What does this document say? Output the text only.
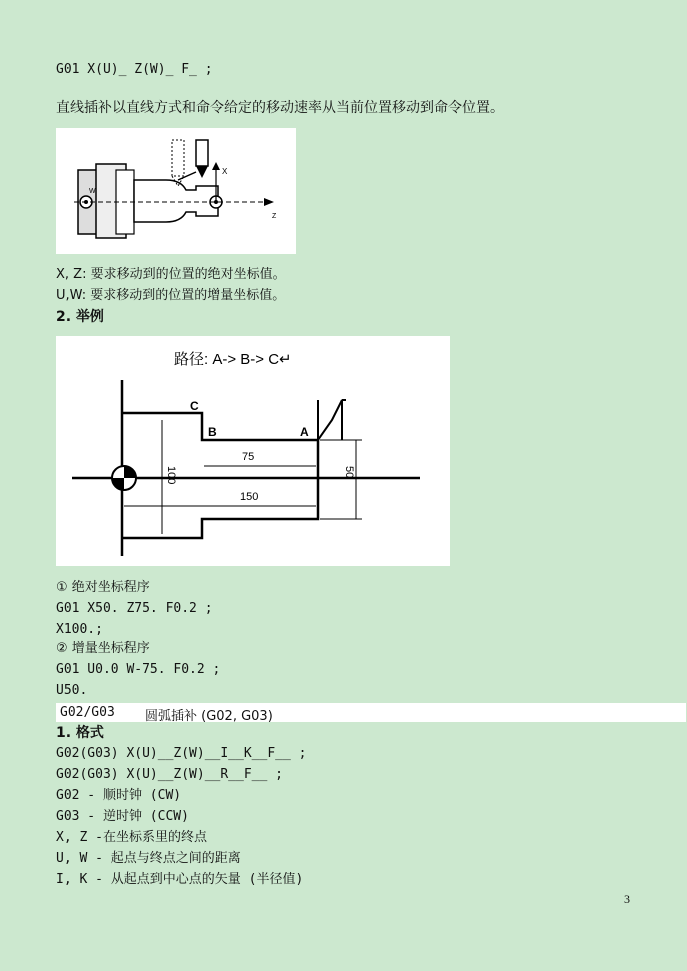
G01 X(U)_ Z(W)_ F_ ;
直线插补以直线方式和命令给定的移动速率从当前位置移动到命令位置。
W
X
Z
X, Z: 要求移动到的位置的绝对坐标值。
U,W: 要求移动到的位置的增量坐标值。
2. 举例
路径: A-> B-> C↵
C
B	A
100
75
150
50
① 绝对坐标程序
G01 X50. Z75. F0.2 ;
X100.;
② 增量坐标程序
G01 U0.0 W-75. F0.2 ;
U50.
G02/G03 圆弧插补 (G02, G03)
1. 格式
G02(G03) X(U)__Z(W)__I__K__F__ ;
G02(G03) X(U)__Z(W)__R__F__ ;
G02 - 顺时钟 (CW)
G03 - 逆时钟 (CCW)
X, Z -在坐标系里的终点
U, W - 起点与终点之间的距离
I, K - 从起点到中心点的矢量 (半径值)
3
